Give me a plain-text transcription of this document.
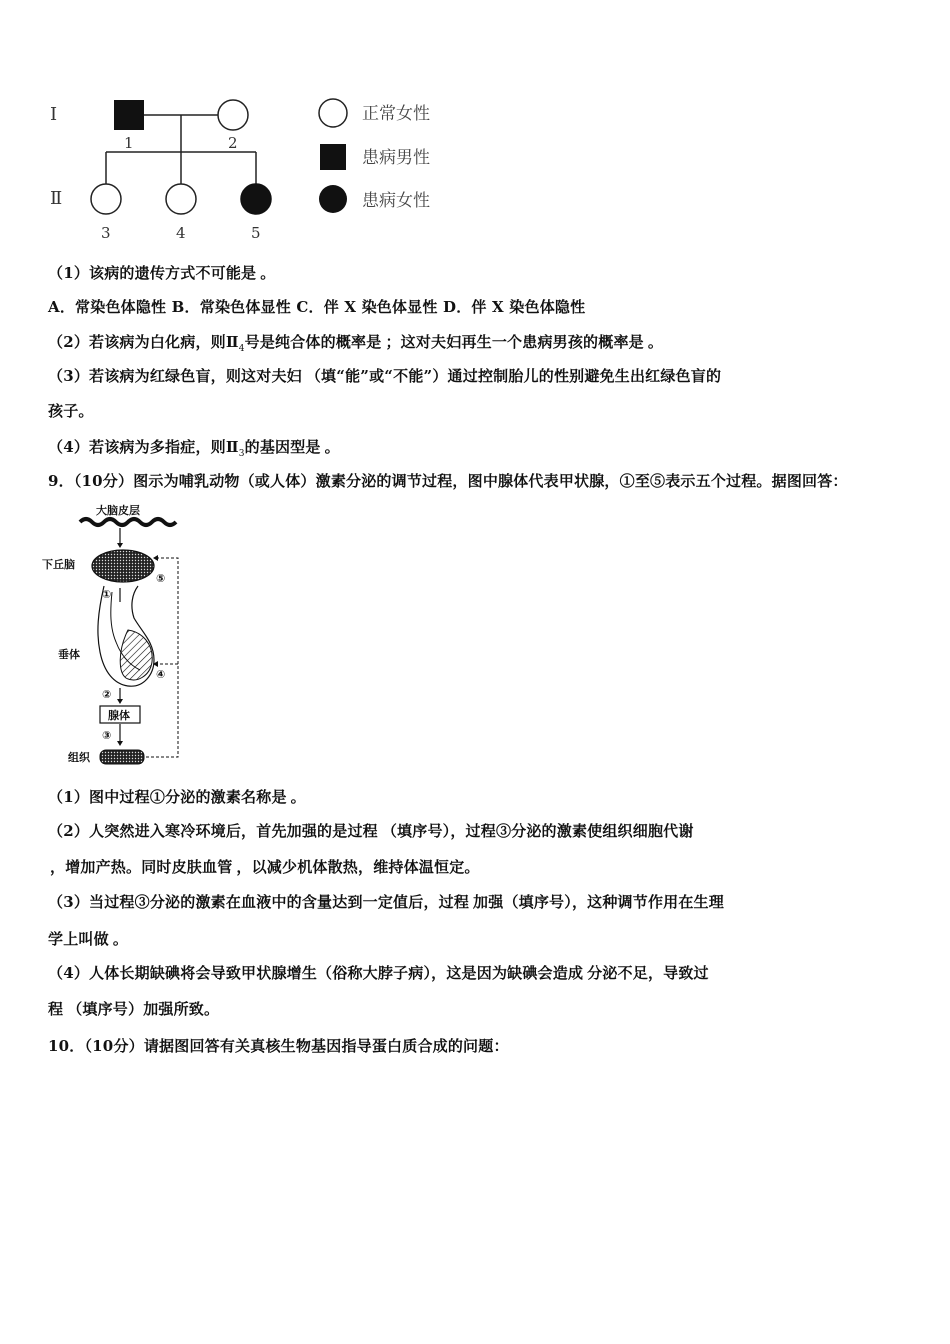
Ⅰ
Ⅱ
1	2
3	4	5
正常女性
患病男性
患病女性
（1）该病的遗传方式不可能是 。
A．常染色体隐性 B．常染色体显性 C．伴 X 染色体显性 D．伴 X 染色体隐性
（2）若该病为白化病，则$Ⅱ_4$号是纯合体的概率是 ；这对夫妇再生一个患病男孩的概率是 。
（3）若该病为红绿色盲，则这对夫妇 （填“能”或“不能”）通过控制胎儿的性别避免生出红绿色盲的
孩子。
（4）若该病为多指症，则$Ⅱ_3$的基因型是 。
9．（10分）图示为哺乳动物（或人体）激素分泌的调节过程，图中腺体代表甲状腺，①至⑤表示五个过程。据图回答：
大脑皮层
下丘脑
①
垂体
②
腺体
③
组织
⑤
④
（1）图中过程①分泌的激素名称是 。
（2）人突然进入寒冷环境后，首先加强的是过程 （填序号），过程③分泌的激素使组织细胞代谢
，增加产热。同时皮肤血管 ，以减少机体散热，维持体温恒定。
（3）当过程③分泌的激素在血液中的含量达到一定值后，过程 加强（填序号），这种调节作用在生理
学上叫做 。
（4）人体长期缺碘将会导致甲状腺增生（俗称大脖子病），这是因为缺碘会造成 分泌不足，导致过
程 （填序号）加强所致。
10．（10分）请据图回答有关真核生物基因指导蛋白质合成的问题：
